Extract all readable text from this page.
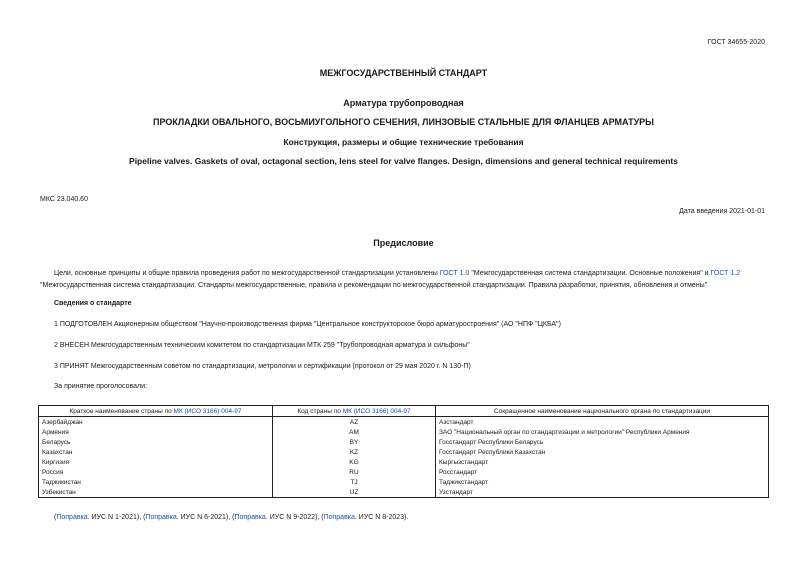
ГОСТ 34655-2020
МЕЖГОСУДАРСТВЕННЫЙ СТАНДАРТ
Арматура трубопроводная
ПРОКЛАДКИ ОВАЛЬНОГО, ВОСЬМИУГОЛЬНОГО СЕЧЕНИЯ, ЛИНЗОВЫЕ СТАЛЬНЫЕ ДЛЯ ФЛАНЦЕВ АРМАТУРЫ
Конструкция, размеры и общие технические требования
Pipeline valves. Gaskets of oval, octagonal section, lens steel for valve flanges. Design, dimensions and general technical requirements
МКС 23.040.60
Дата введения 2021-01-01
Предисловие
Цели, основные принципы и общие правила проведения работ по межгосударственной стандартизации установлены ГОСТ 1.0 "Межгосударственная система стандартизации. Основные положения" и ГОСТ 1.2 "Межгосударственная система стандартизации. Стандарты межгосударственные, правила и рекомендации по межгосударственной стандартизации. Правила разработки, принятия, обновления и отмены"
Сведения о стандарте
1 ПОДГОТОВЛЕН Акционерным обществом "Научно-производственная фирма "Центральное конструкторское бюро арматуростроения" (АО "НПФ "ЦКБА")
2 ВНЕСЕН Межгосударственным техническим комитетом по стандартизации МТК 259 "Трубопроводная арматура и сильфоны"
3 ПРИНЯТ Межгосударственным советом по стандартизации, метрологии и сертификации (протокол от 29 мая 2020 г. N 130-П)
За принятие проголосовали:
Краткое наименование страны по МК (ИСО 3166) 004-97	Код страны по МК (ИСО 3166) 004-97	Сокращенное наименование национального органа по стандартизации
Азербайджан	AZ	Азстандарт
Армения	AM	ЗАО "Национальный орган по стандартизации и метрологии" Республики Армения
Беларусь	BY	Госстандарт Республики Беларусь
Казахстан	KZ	Госстандарт Республики Казахстан
Киргизия	KG	Кыргызстандарт
Россия	RU	Росстандарт
Таджикистан	TJ	Таджикстандарт
Узбекистан	UZ	Узстандарт
(Поправка. ИУС N 1-2021), (Поправка. ИУС N 6-2021), (Поправка. ИУС N 9-2022), (Поправка. ИУС N 8-2023).
